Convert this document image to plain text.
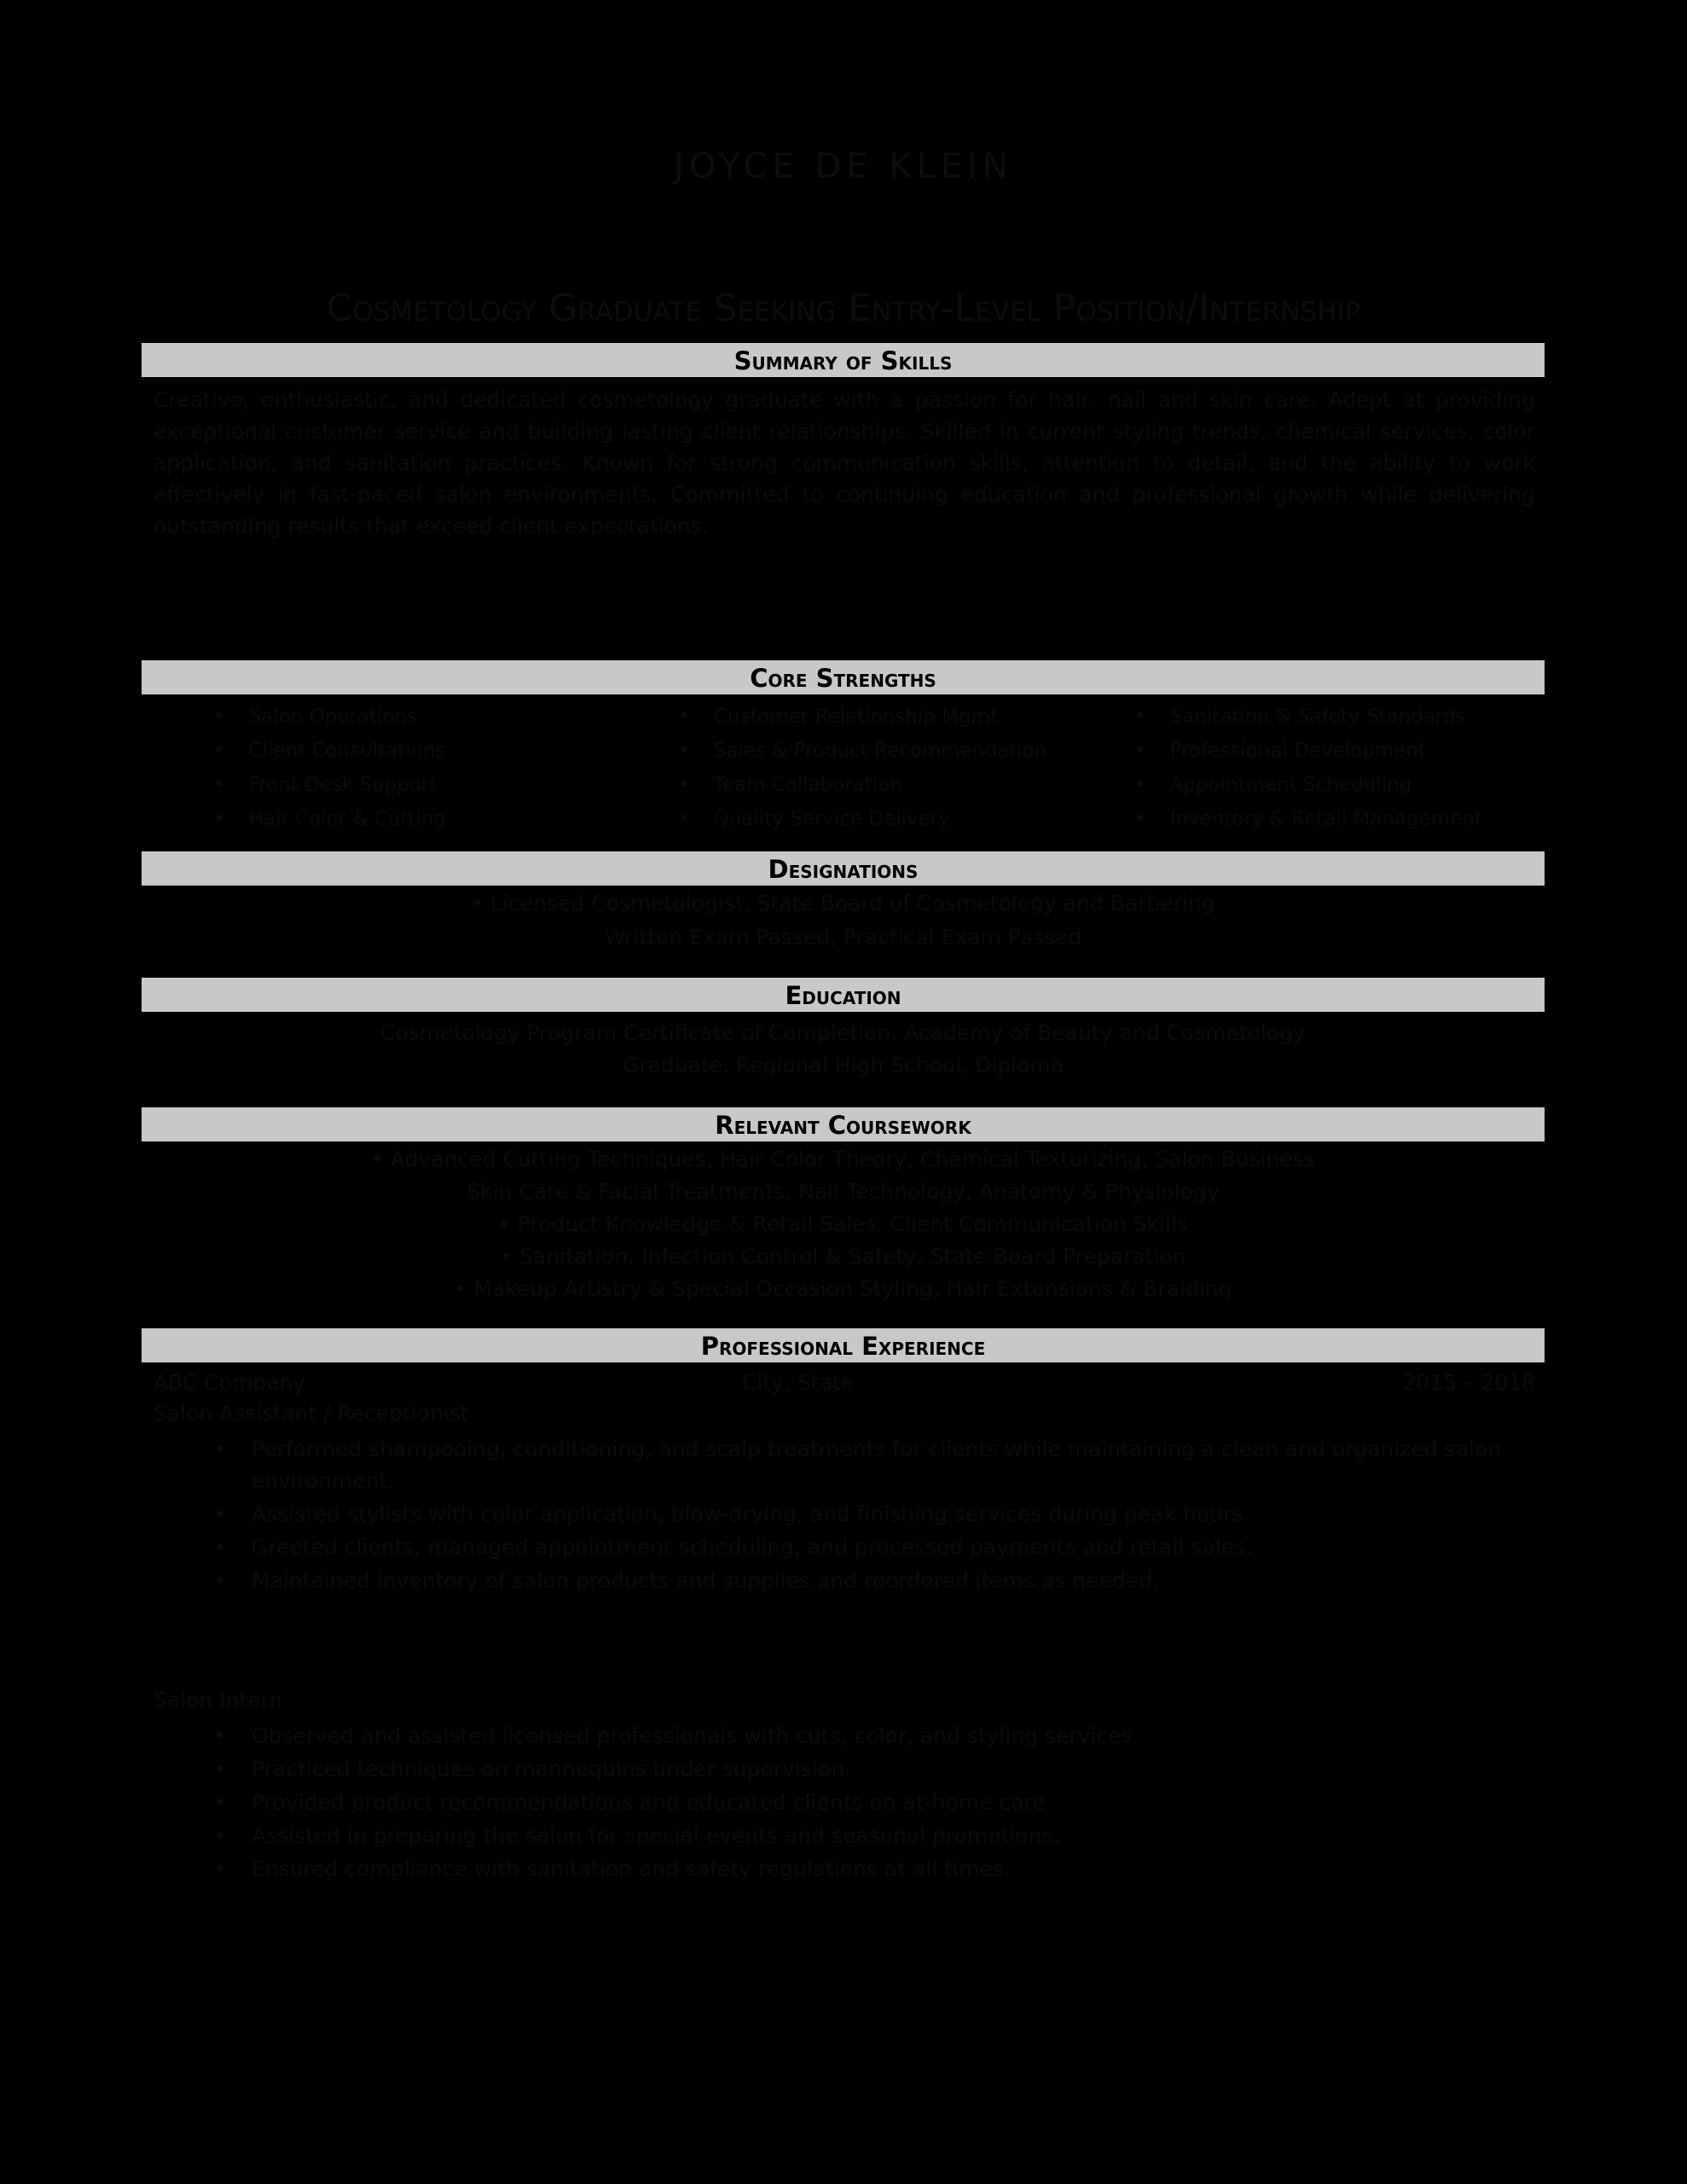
JOYCE DE KLEIN
Cosmetology Graduate Seeking Entry-Level Position/Internship
Summary of Skills
Creative, enthusiastic, and dedicated cosmetology graduate with a passion for hair, nail and skin care. Adept at providing exceptional customer service and building lasting client relationships. Skilled in current styling trends, chemical services, color application, and sanitation practices. Known for strong communication skills, attention to detail, and the ability to work effectively in fast-paced salon environments. Committed to continuing education and professional growth while delivering outstanding results that exceed client expectations.
Core Strengths
• Salon Operations
• Client Consultations
• Front Desk Support
• Hair Color & Cutting
• Customer Relationship Mgmt
• Sales & Product Recommendation
• Team Collaboration
• Quality Service Delivery
• Sanitation & Safety Standards
• Professional Development
• Appointment Scheduling
• Inventory & Retail Management
Designations
• Licensed Cosmetologist, State Board of Cosmetology and Barbering
Written Exam Passed, Practical Exam Passed
Education
Cosmetology Program Certificate of Completion, Academy of Beauty and Cosmetology
Graduate, Regional High School, Diploma
Relevant Coursework
• Advanced Cutting Techniques, Hair Color Theory, Chemical Texturizing, Salon Business
Skin Care & Facial Treatments, Nail Technology, Anatomy & Physiology
• Product Knowledge & Retail Sales, Client Communication Skills
• Sanitation, Infection Control & Safety, State Board Preparation
• Makeup Artistry & Special Occasion Styling, Hair Extensions & Braiding
Professional Experience
ABC Company	City, State	2015 – 2018
Salon Assistant / Receptionist
• Performed shampooing, conditioning, and scalp treatments for clients while maintaining a clean and organized salon environment.
• Assisted stylists with color application, blow-drying, and finishing services during peak hours.
• Greeted clients, managed appointment scheduling, and processed payments and retail sales.
• Maintained inventory of salon products and supplies and reordered items as needed.
Salon Intern
• Observed and assisted licensed professionals with cuts, color, and styling services.
• Practiced techniques on mannequins under supervision.
• Provided product recommendations and educated clients on at-home care.
• Assisted in preparing the salon for special events and seasonal promotions.
• Ensured compliance with sanitation and safety regulations at all times.
